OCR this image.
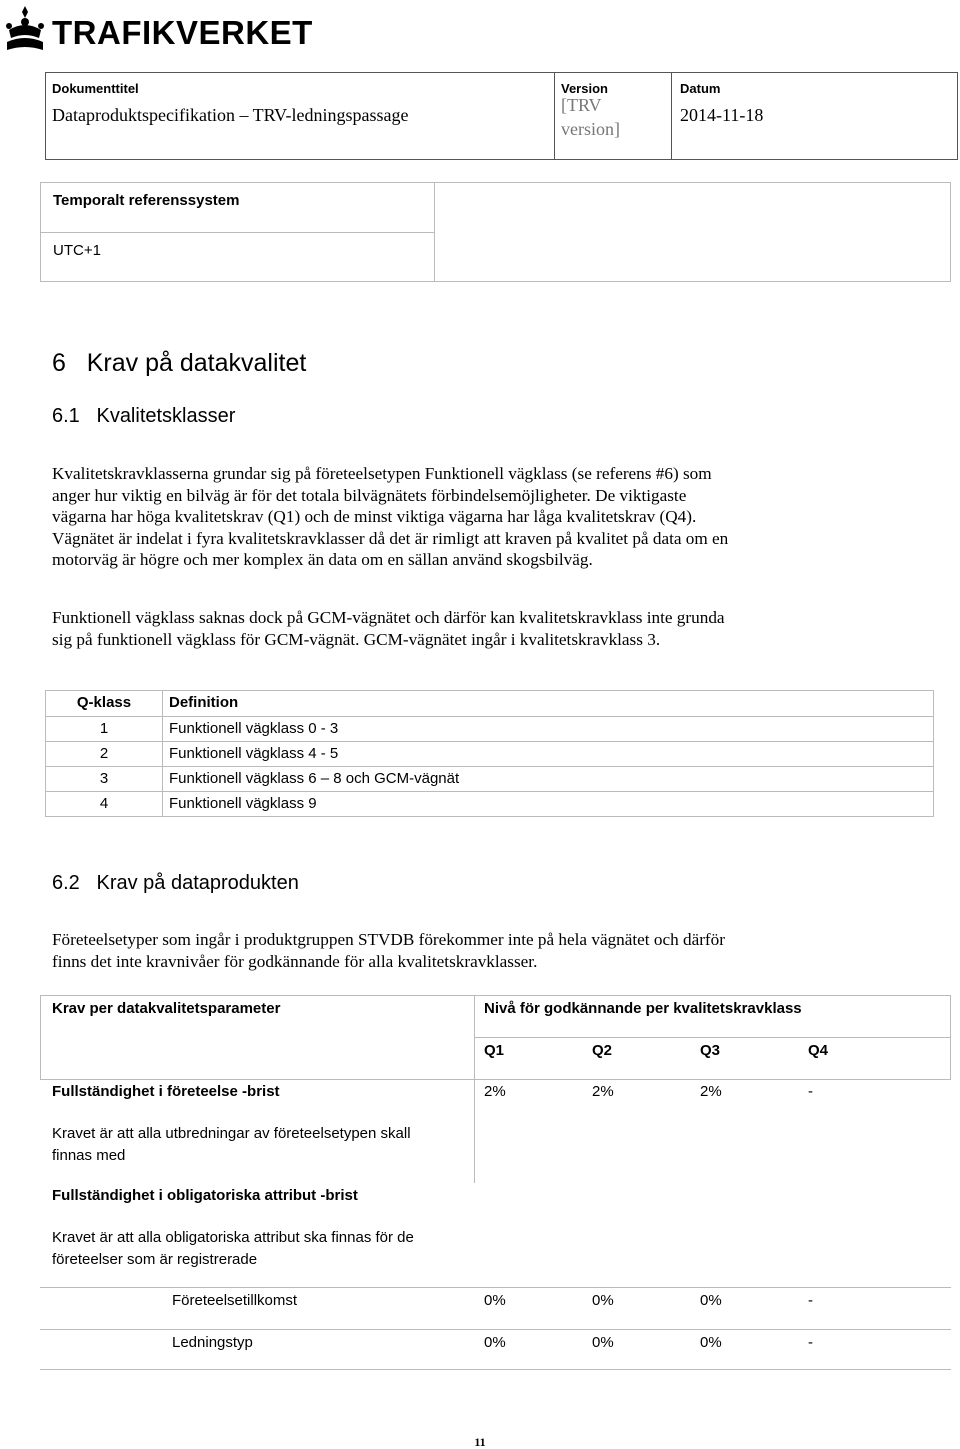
TRAFIKVERKET
Dokumenttitel
Dataproduktspecifikation – TRV-ledningspassage
Version
[TRV
version]
Datum
2014-11-18
Temporalt referenssystem
UTC+1
6   Krav på datakvalitet
6.1   Kvalitetsklasser
Kvalitetskravklasserna grundar sig på företeelsetypen Funktionell vägklass (se referens #6) som
anger hur viktig en bilväg är för det totala bilvägnätets förbindelsemöjligheter. De viktigaste
vägarna har höga kvalitetskrav (Q1) och de minst viktiga vägarna har låga kvalitetskrav (Q4).
Vägnätet är indelat i fyra kvalitetskravklasser då det är rimligt att kraven på kvalitet på data om en
motorväg är högre och mer komplex än data om en sällan använd skogsbilväg.
Funktionell vägklass saknas dock på GCM-vägnätet och därför kan kvalitetskravklass inte grunda
sig på funktionell vägklass för GCM-vägnät. GCM-vägnätet ingår i kvalitetskravklass 3.
Q-klass	Definition
1	Funktionell vägklass 0 - 3
2	Funktionell vägklass 4 - 5
3	Funktionell vägklass 6 – 8 och GCM-vägnät
4	Funktionell vägklass 9
6.2   Krav på dataprodukten
Företeelsetyper som ingår i produktgruppen STVDB förekommer inte på hela vägnätet och därför
finns det inte kravnivåer för godkännande för alla kvalitetskravklasser.
Krav per datakvalitetsparameter	Nivå för godkännande per kvalitetskravklass
Q1	Q2	Q3	Q4
Fullständighet i företeelse -brist	2%	2%	2%	-
Kravet är att alla utbredningar av företeelsetypen skall
finnas med
Fullständighet i obligatoriska attribut -brist
Kravet är att alla obligatoriska attribut ska finnas för de
företeelser som är registrerade
Företeelsetillkomst	0%	0%	0%	-
Ledningstyp	0%	0%	0%	-
11
